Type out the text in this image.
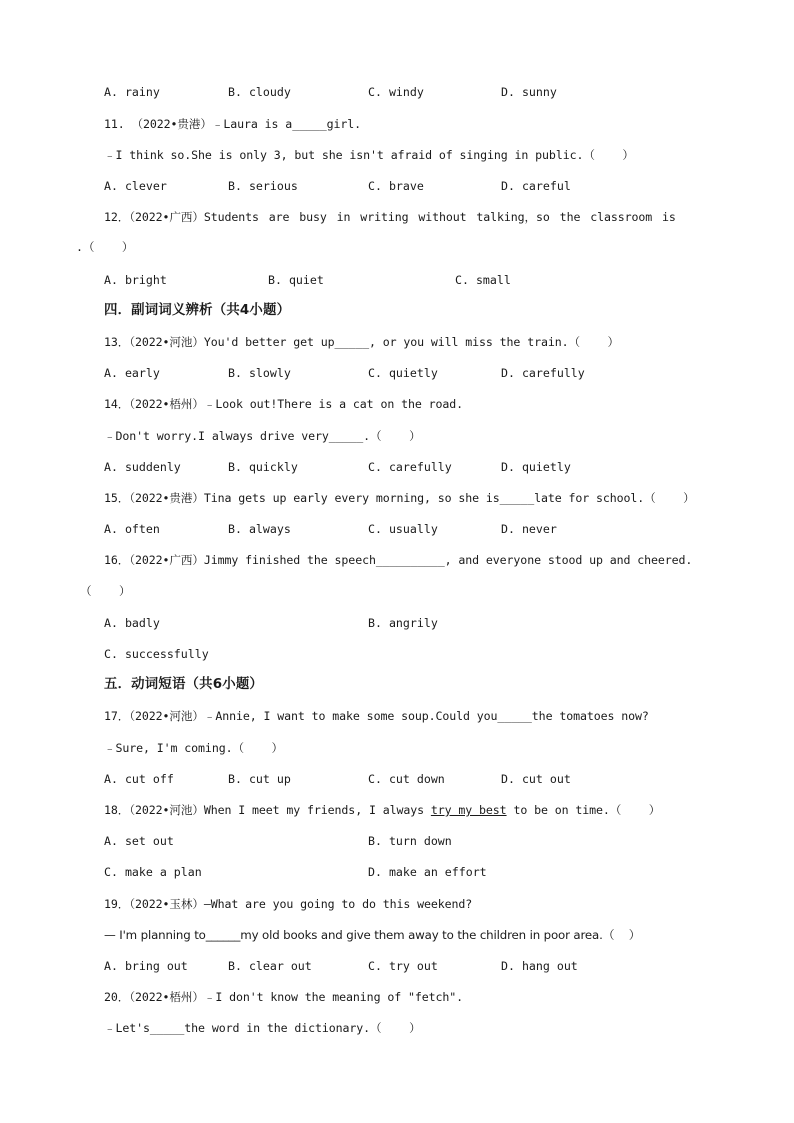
A. rainy	B. cloudy	C. windy	D. sunny
11. （2022•贵港）﹣Laura is a_____girl.
﹣I think so.She is only 3, but she isn't afraid of singing in public.（    ）
A. clever	B. serious	C. brave	D. careful
12．（2022•广西）Students are busy in writing without talking，so the classroom is
.（    ）
A. bright	B. quiet	C. small
四．副词词义辨析（共4小题）
13．（2022•河池）You'd better get up_____, or you will miss the train.（    ）
A. early	B. slowly	C. quietly	D. carefully
14．（2022•梧州）﹣Look out!There is a cat on the road.
﹣Don't worry.I always drive very_____.（    ）
A. suddenly	B. quickly	C. carefully	D. quietly
15．（2022•贵港）Tina gets up early every morning, so she is_____late for school.（    ）
A. often	B. always	C. usually	D. never
16．（2022•广西）Jimmy finished the speech__________, and everyone stood up and cheered.
（    ）
A. badly	B. angrily
C. successfully
五．动词短语（共6小题）
17．（2022•河池）﹣Annie, I want to make some soup.Could you_____the tomatoes now?
﹣Sure, I'm coming.（    ）
A. cut off	B. cut up	C. cut down	D. cut out
18．（2022•河池）When I meet my friends, I always try my best to be on time.（    ）
A. set out	B. turn down
C. make a plan	D. make an effort
19．（2022•玉林）—What are you going to do this weekend?
— I'm planning to______my old books and give them away to the children in poor area.（    ）
A. bring out	B. clear out	C. try out	D. hang out
20．（2022•梧州）﹣I don't know the meaning of "fetch".
﹣Let's_____the word in the dictionary.（    ）
